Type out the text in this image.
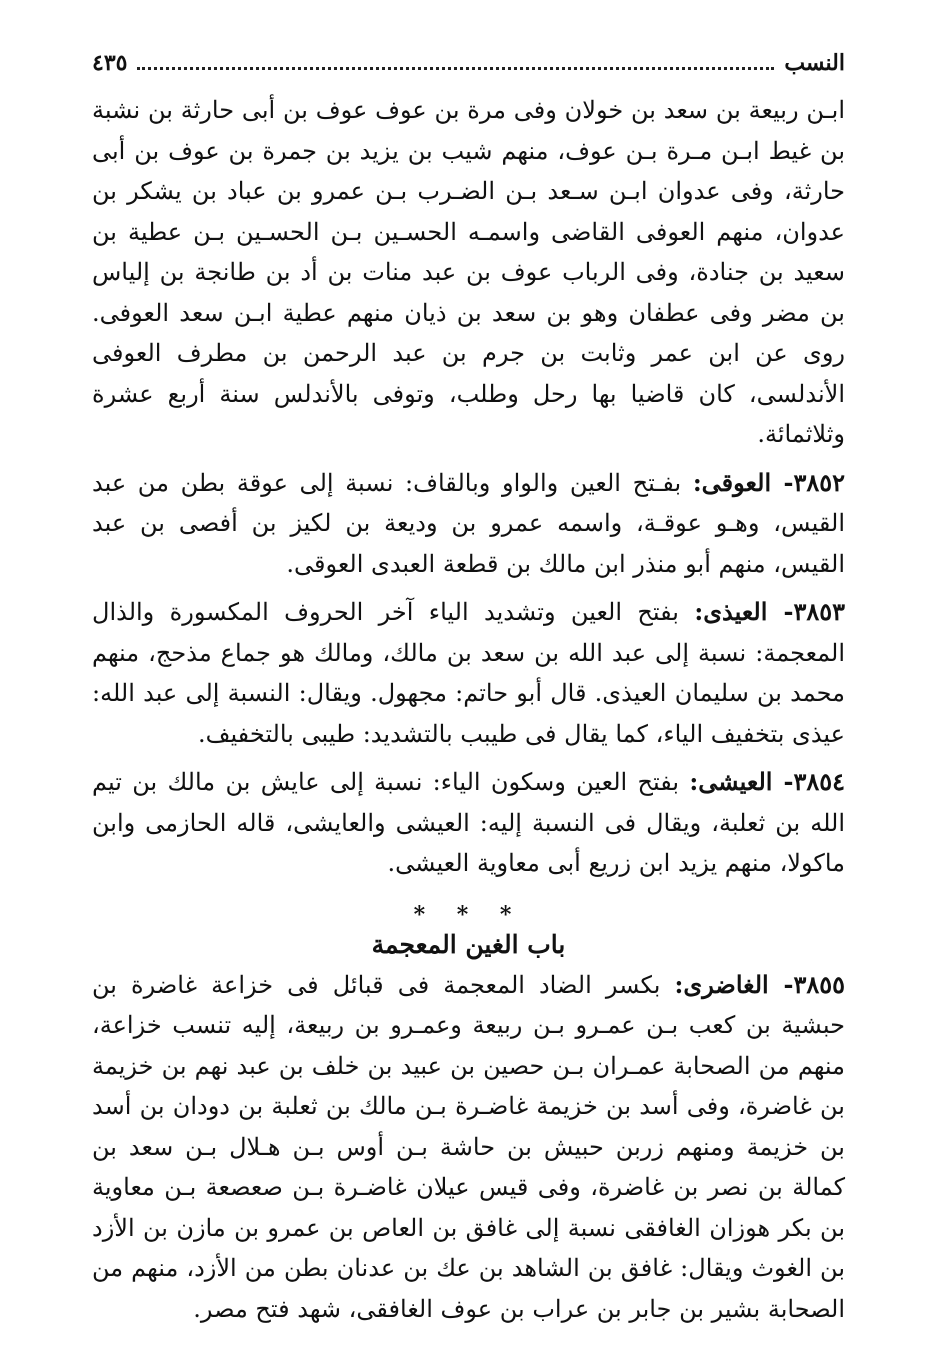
النسب
٤٣٥

ابـن ربيعة بن سعد بن خولان وفى مرة بن عوف عوف بن أبى حارثة بن نشبة بن غيط ابـن مـرة بـن عوف، منهم شيب بن يزيد بن جمرة بن عوف بن أبى حارثة، وفى عدوان ابـن سـعد بـن الضـرب بـن عمرو بن عباد بن يشكر بن عدوان، منهم العوفى القاضى واسمـه الحسـين بـن الحسـين بـن عطية بن سعيد بن جنادة، وفى الرباب عوف بن عبد منات بن أد بن طانجة بن إلياس بن مضر وفى عطفان وهو بن سعد بن ذيان منهم عطية ابـن سعد العوفى. روى عن ابن عمر وثابت بن جرم بن عبد الرحمن بن مطرف العوفى الأندلسى، كان قاضيا بها رحل وطلب، وتوفى بالأندلس سنة أربع عشرة وثلاثمائة.

٣٨٥٢- العوقى: بفـتح العين والواو وبالقاف: نسبة إلى عوقة بطن من عبد القيس، وهـو عوقـة، واسمه عمرو بن وديعة بن لكيز بن أفصى بن عبد القيس، منهم أبو منذر ابن مالك بن قطعة العبدى العوقى.

٣٨٥٣- العيذى: بفتح العين وتشديد الياء آخر الحروف المكسورة والذال المعجمة: نسبة إلى عبد الله بن سعد بن مالك، ومالك هو جماع مذحج، منهم محمد بن سليمان العيذى. قال أبو حاتم: مجهول. ويقال: النسبة إلى عبد الله: عيذى بتخفيف الياء، كما يقال فى طيبب بالتشديد: طيبى بالتخفيف.

٣٨٥٤- العيشى: بفتح العين وسكون الياء: نسبة إلى عايش بن مالك بن تيم الله بن ثعلبة، ويقال فى النسبة إليه: العيشى والعايشى، قاله الحازمى وابن ماكولا، منهم يزيد ابن زريع أبى معاوية العيشى.

* * *
باب الغين المعجمة

٣٨٥٥- الغاضرى: بكسر الضاد المعجمة فى قبائل فى خزاعة غاضرة بن حبشية بن كعب بـن عمـرو بـن ربيعة وعمـرو بن ربيعة، إليه تنسب خزاعة، منهم من الصحابة عمـران بـن حصين بن عبيد بن خلف بن عبد نهم بن خزيمة بن غاضرة، وفى أسد بن خزيمة غاضـرة بـن مالك بن ثعلبة بن دودان بن أسد بن خزيمة ومنهم زربن حبيش بن حاشة بـن أوس بـن هـلال بـن سعد بن كمالة بن نصر بن غاضرة، وفى قيس عيلان غاضـرة بـن صعصعة بـن معاوية بن بكر هوزان الغافقى نسبة إلى غافق بن العاص بن عمرو بن مازن بن الأزد بن الغوث ويقال: غافق بن الشاهد بن عك بن عدنان بطن من الأزد، منهم من الصحابة بشير بن جابر بن عراب بن عوف الغافقى، شهد فتح مصر.
